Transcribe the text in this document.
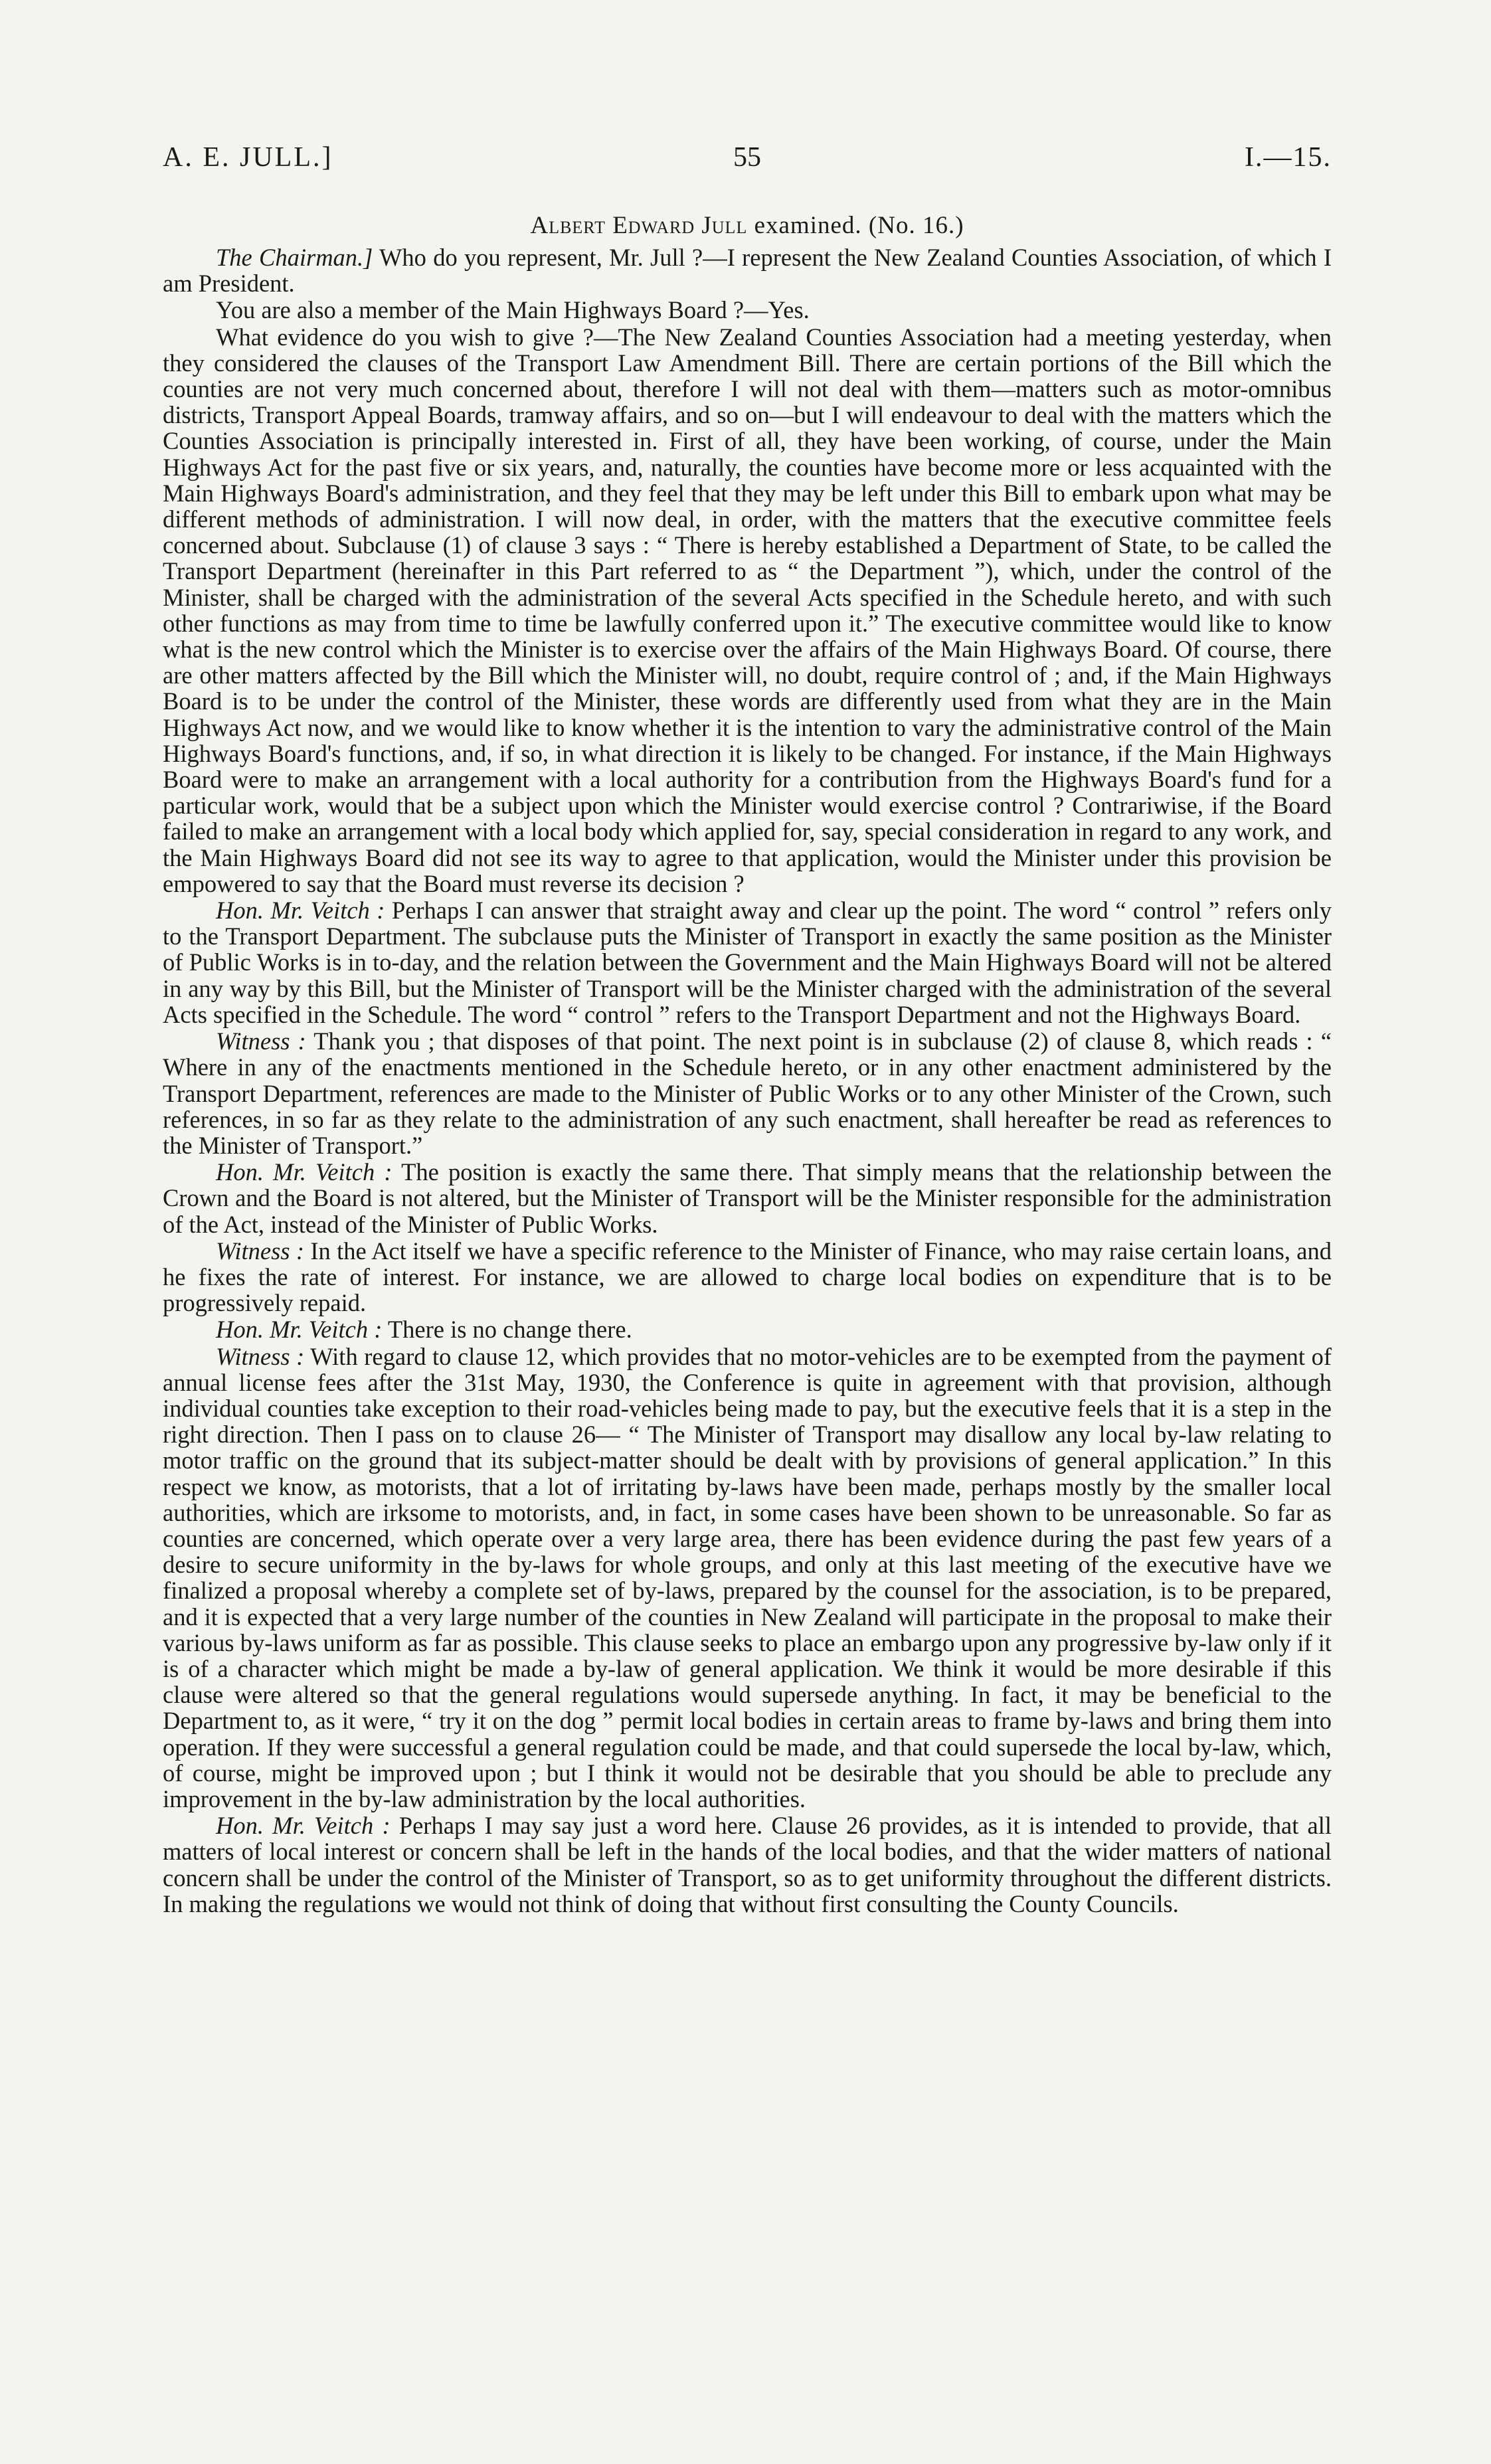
A. E. JULL.]	55	I.—15.
Albert Edward Jull examined. (No. 16.)

The Chairman.] Who do you represent, Mr. Jull ?—I represent the New Zealand Counties Association, of which I am President.

You are also a member of the Main Highways Board ?—Yes.

What evidence do you wish to give ?—The New Zealand Counties Association had a meeting yesterday, when they considered the clauses of the Transport Law Amendment Bill. There are certain portions of the Bill which the counties are not very much concerned about, therefore I will not deal with them—matters such as motor-omnibus districts, Transport Appeal Boards, tramway affairs, and so on—but I will endeavour to deal with the matters which the Counties Association is principally interested in. First of all, they have been working, of course, under the Main Highways Act for the past five or six years, and, naturally, the counties have become more or less acquainted with the Main Highways Board's administration, and they feel that they may be left under this Bill to embark upon what may be different methods of administration. I will now deal, in order, with the matters that the executive committee feels concerned about. Subclause (1) of clause 3 says : “ There is hereby established a Department of State, to be called the Transport Department (hereinafter in this Part referred to as “ the Department ”), which, under the control of the Minister, shall be charged with the administration of the several Acts specified in the Schedule hereto, and with such other functions as may from time to time be lawfully conferred upon it.” The executive committee would like to know what is the new control which the Minister is to exercise over the affairs of the Main Highways Board. Of course, there are other matters affected by the Bill which the Minister will, no doubt, require control of ; and, if the Main Highways Board is to be under the control of the Minister, these words are differently used from what they are in the Main Highways Act now, and we would like to know whether it is the intention to vary the administrative control of the Main Highways Board's functions, and, if so, in what direction it is likely to be changed. For instance, if the Main Highways Board were to make an arrangement with a local authority for a contribution from the Highways Board's fund for a particular work, would that be a subject upon which the Minister would exercise control ? Contrariwise, if the Board failed to make an arrangement with a local body which applied for, say, special consideration in regard to any work, and the Main Highways Board did not see its way to agree to that application, would the Minister under this provision be empowered to say that the Board must reverse its decision ?

Hon. Mr. Veitch : Perhaps I can answer that straight away and clear up the point. The word “ control ” refers only to the Transport Department. The subclause puts the Minister of Transport in exactly the same position as the Minister of Public Works is in to-day, and the relation between the Government and the Main Highways Board will not be altered in any way by this Bill, but the Minister of Transport will be the Minister charged with the administration of the several Acts specified in the Schedule. The word “ control ” refers to the Transport Department and not the Highways Board.

Witness : Thank you ; that disposes of that point. The next point is in subclause (2) of clause 8, which reads : “ Where in any of the enactments mentioned in the Schedule hereto, or in any other enactment administered by the Transport Department, references are made to the Minister of Public Works or to any other Minister of the Crown, such references, in so far as they relate to the administration of any such enactment, shall hereafter be read as references to the Minister of Transport.”

Hon. Mr. Veitch : The position is exactly the same there. That simply means that the relationship between the Crown and the Board is not altered, but the Minister of Transport will be the Minister responsible for the administration of the Act, instead of the Minister of Public Works.

Witness : In the Act itself we have a specific reference to the Minister of Finance, who may raise certain loans, and he fixes the rate of interest. For instance, we are allowed to charge local bodies on expenditure that is to be progressively repaid.

Hon. Mr. Veitch : There is no change there.

Witness : With regard to clause 12, which provides that no motor-vehicles are to be exempted from the payment of annual license fees after the 31st May, 1930, the Conference is quite in agreement with that provision, although individual counties take exception to their road-vehicles being made to pay, but the executive feels that it is a step in the right direction. Then I pass on to clause 26— “ The Minister of Transport may disallow any local by-law relating to motor traffic on the ground that its subject-matter should be dealt with by provisions of general application.” In this respect we know, as motorists, that a lot of irritating by-laws have been made, perhaps mostly by the smaller local authorities, which are irksome to motorists, and, in fact, in some cases have been shown to be unreasonable. So far as counties are concerned, which operate over a very large area, there has been evidence during the past few years of a desire to secure uniformity in the by-laws for whole groups, and only at this last meeting of the executive have we finalized a proposal whereby a complete set of by-laws, prepared by the counsel for the association, is to be prepared, and it is expected that a very large number of the counties in New Zealand will participate in the proposal to make their various by-laws uniform as far as possible. This clause seeks to place an embargo upon any progressive by-law only if it is of a character which might be made a by-law of general application. We think it would be more desirable if this clause were altered so that the general regulations would supersede anything. In fact, it may be beneficial to the Department to, as it were, “ try it on the dog ” permit local bodies in certain areas to frame by-laws and bring them into operation. If they were successful a general regulation could be made, and that could supersede the local by-law, which, of course, might be improved upon ; but I think it would not be desirable that you should be able to preclude any improvement in the by-law administration by the local authorities.

Hon. Mr. Veitch : Perhaps I may say just a word here. Clause 26 provides, as it is intended to provide, that all matters of local interest or concern shall be left in the hands of the local bodies, and that the wider matters of national concern shall be under the control of the Minister of Transport, so as to get uniformity throughout the different districts. In making the regulations we would not think of doing that without first consulting the County Councils.
